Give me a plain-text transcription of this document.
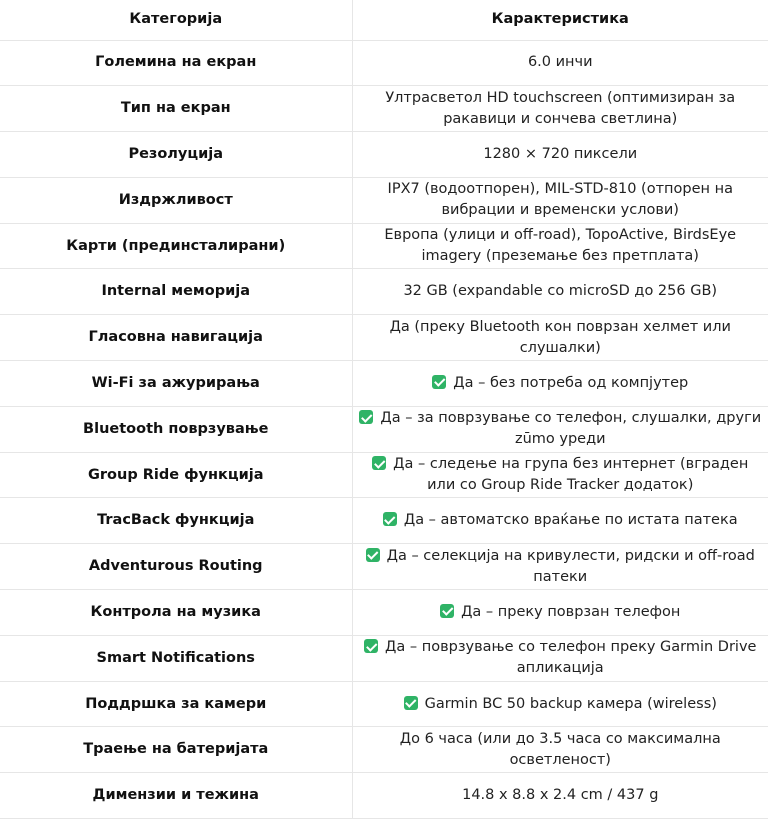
Категорија	Карактеристика
Големина на екран	6.0 инчи
Тип на екран	Ултрасветол HD touchscreen (оптимизиран за ракавици и сончева светлина)
Резолуција	1280 × 720 пиксели
Издржливост	IPX7 (водоотпорен), MIL-STD-810 (отпорен на вибрации и временски услови)
Карти (прединсталирани)	Европа (улици и off-road), TopoActive, BirdsEye imagery (преземање без претплата)
Internal меморија	32 GB (expandable со microSD до 256 GB)
Гласовна навигација	Да (преку Bluetooth кон поврзан хелмет или слушалки)
Wi-Fi за ажурирања	Да – без потреба од компјутер
Bluetooth поврзување	Да – за поврзување со телефон, слушалки, други zūmo уреди
Group Ride функција	Да – следење на група без интернет (вграден или со Group Ride Tracker додаток)
TracBack функција	Да – автоматско враќање по истата патека
Adventurous Routing	Да – селекција на кривулести, ридски и off-road патеки
Контрола на музика	Да – преку поврзан телефон
Smart Notifications	Да – поврзување со телефон преку Garmin Drive апликација
Поддршка за камери	Garmin BC 50 backup камера (wireless)
Траење на батеријата	До 6 часа (или до 3.5 часа со максимална осветленост)
Димензии и тежина	14.8 x 8.8 x 2.4 cm / 437 g
